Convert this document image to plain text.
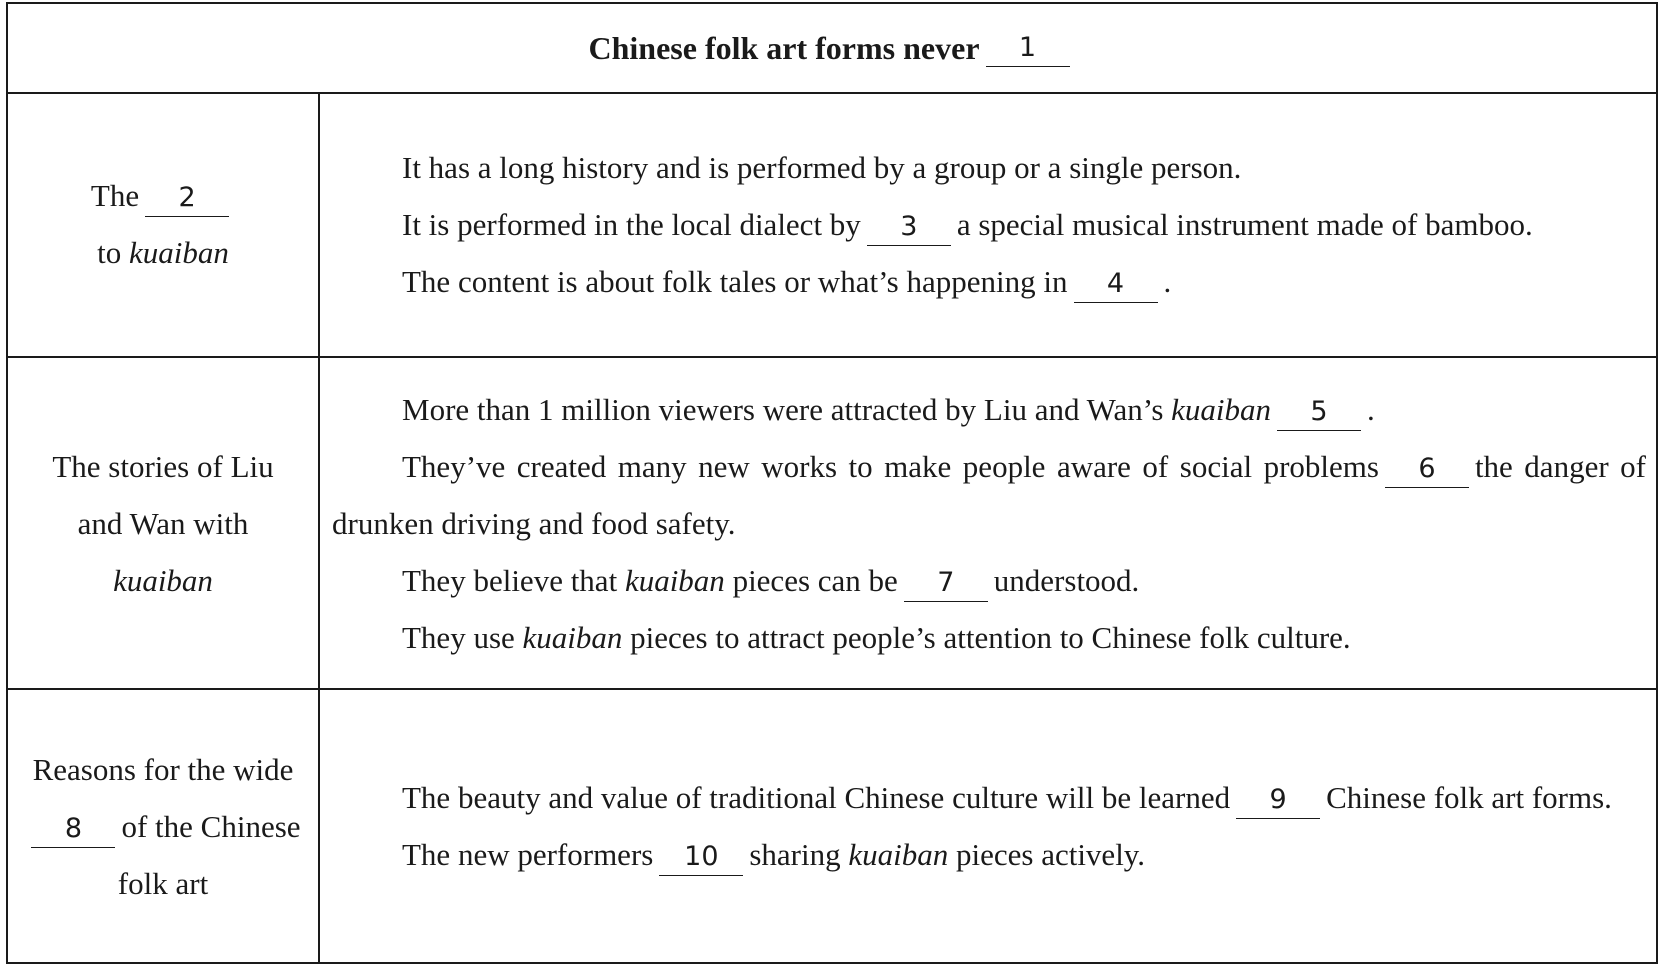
Chinese folk art forms never	1
The 2
to kuaiban
It has a long history and is performed by a group or a single person.
It is performed in the local dialect by 3 a special musical instrument made of bamboo.
The content is about folk tales or what’s happening in 4 .
The stories of Liu and Wan with
kuaiban
More than 1 million viewers were attracted by Liu and Wan’s kuaiban 5 .
They’ve created many new works to make people aware of social problems 6 the danger of drunken driving and food safety.
They believe that kuaiban pieces can be 7 understood.
They use kuaiban pieces to attract people’s attention to Chinese folk culture.
Reasons for the wide8 of the Chinese folk art
The beauty and value of traditional Chinese culture will be learned 9 Chinese folk art forms.
The new performers 10 sharing kuaiban pieces actively.
